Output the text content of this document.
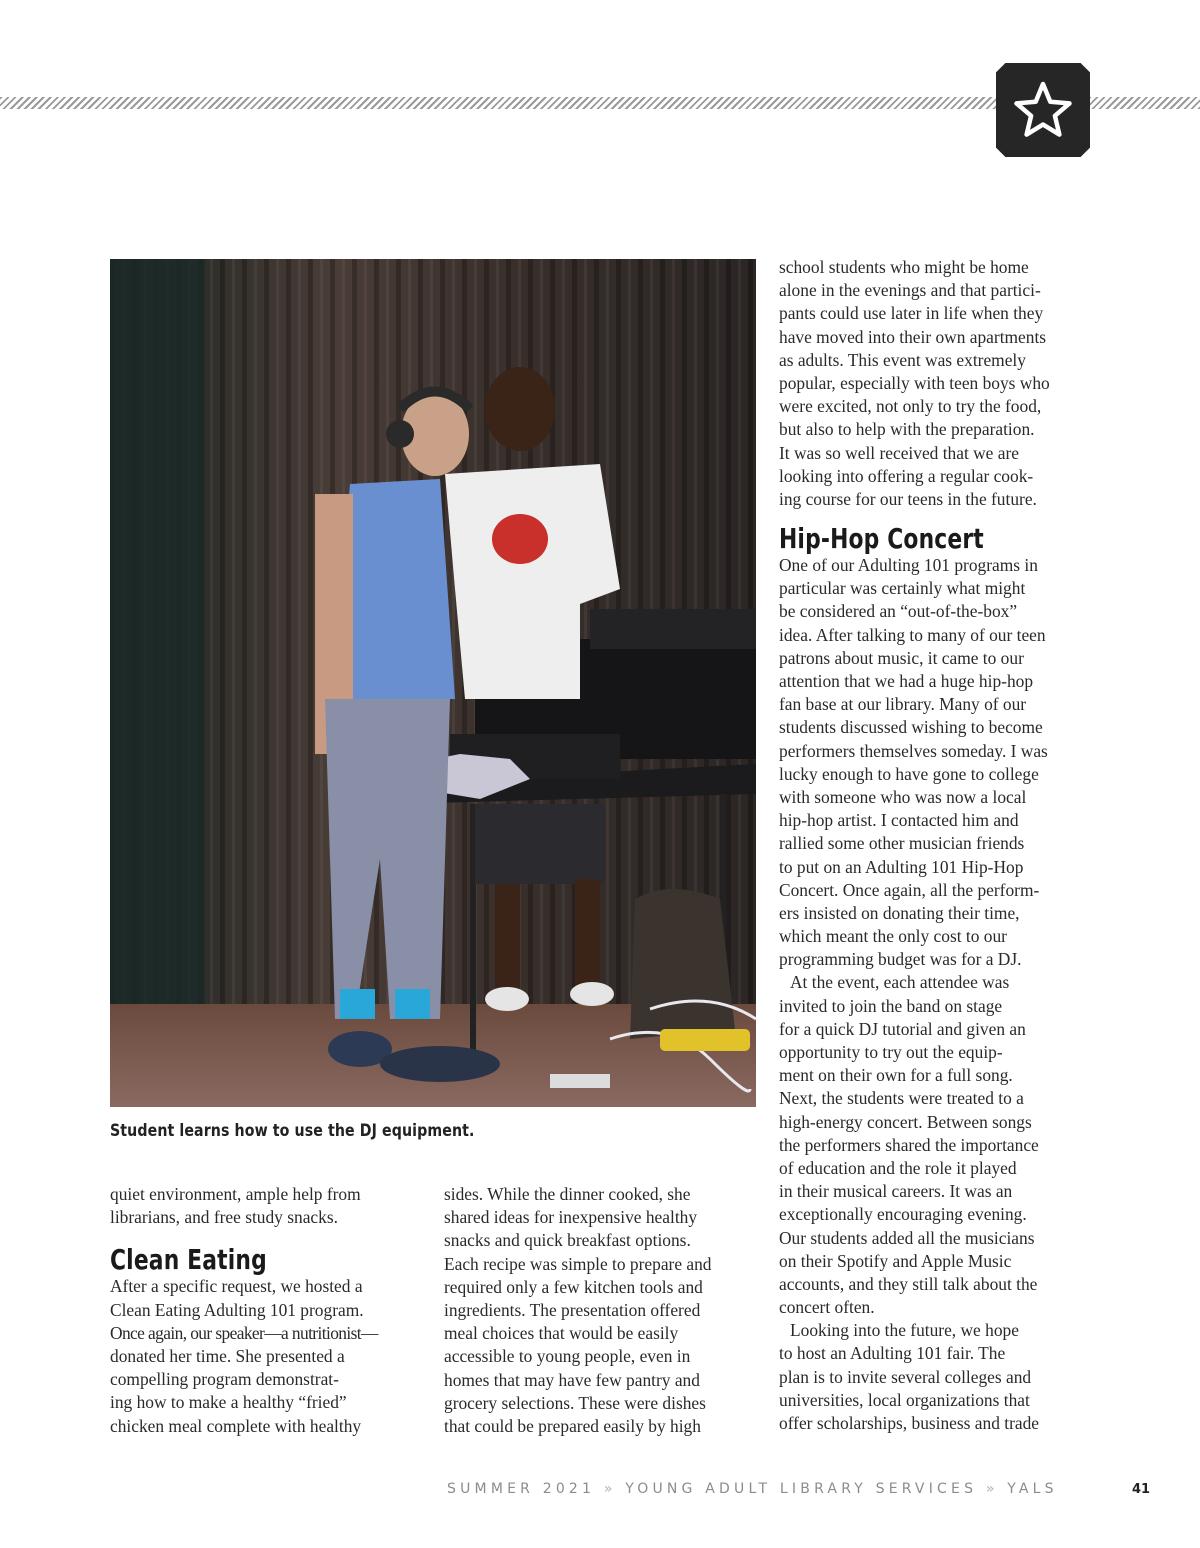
Student learns how to use the DJ equipment.
quiet environment, ample help from
librarians, and free study snacks.
Clean Eating
After a specific request, we hosted a
Clean Eating Adulting 101 program.
Once again, our speaker—a nutritionist—
donated her time. She presented a
compelling program demonstrat-
ing how to make a healthy “fried”
chicken meal complete with healthy
sides. While the dinner cooked, she
shared ideas for inexpensive healthy
snacks and quick breakfast options.
Each recipe was simple to prepare and
required only a few kitchen tools and
ingredients. The presentation offered
meal choices that would be easily
accessible to young people, even in
homes that may have few pantry and
grocery selections. These were dishes
that could be prepared easily by high
school students who might be home
alone in the evenings and that partici-
pants could use later in life when they
have moved into their own apartments
as adults. This event was extremely
popular, especially with teen boys who
were excited, not only to try the food,
but also to help with the preparation.
It was so well received that we are
looking into offering a regular cook-
ing course for our teens in the future.
Hip-Hop Concert
One of our Adulting 101 programs in
particular was certainly what might
be considered an “out-of-the-box”
idea. After talking to many of our teen
patrons about music, it came to our
attention that we had a huge hip-hop
fan base at our library. Many of our
students discussed wishing to become
performers themselves someday. I was
lucky enough to have gone to college
with someone who was now a local
hip-hop artist. I contacted him and
rallied some other musician friends
to put on an Adulting 101 Hip-Hop
Concert. Once again, all the perform-
ers insisted on donating their time,
which meant the only cost to our
programming budget was for a DJ.
At the event, each attendee was
invited to join the band on stage
for a quick DJ tutorial and given an
opportunity to try out the equip-
ment on their own for a full song.
Next, the students were treated to a
high-energy concert. Between songs
the performers shared the importance
of education and the role it played
in their musical careers. It was an
exceptionally encouraging evening.
Our students added all the musicians
on their Spotify and Apple Music
accounts, and they still talk about the
concert often.
Looking into the future, we hope
to host an Adulting 101 fair. The
plan is to invite several colleges and
universities, local organizations that
offer scholarships, business and trade
SUMMER 2021 » YOUNG ADULT LIBRARY SERVICES » YALS	41
